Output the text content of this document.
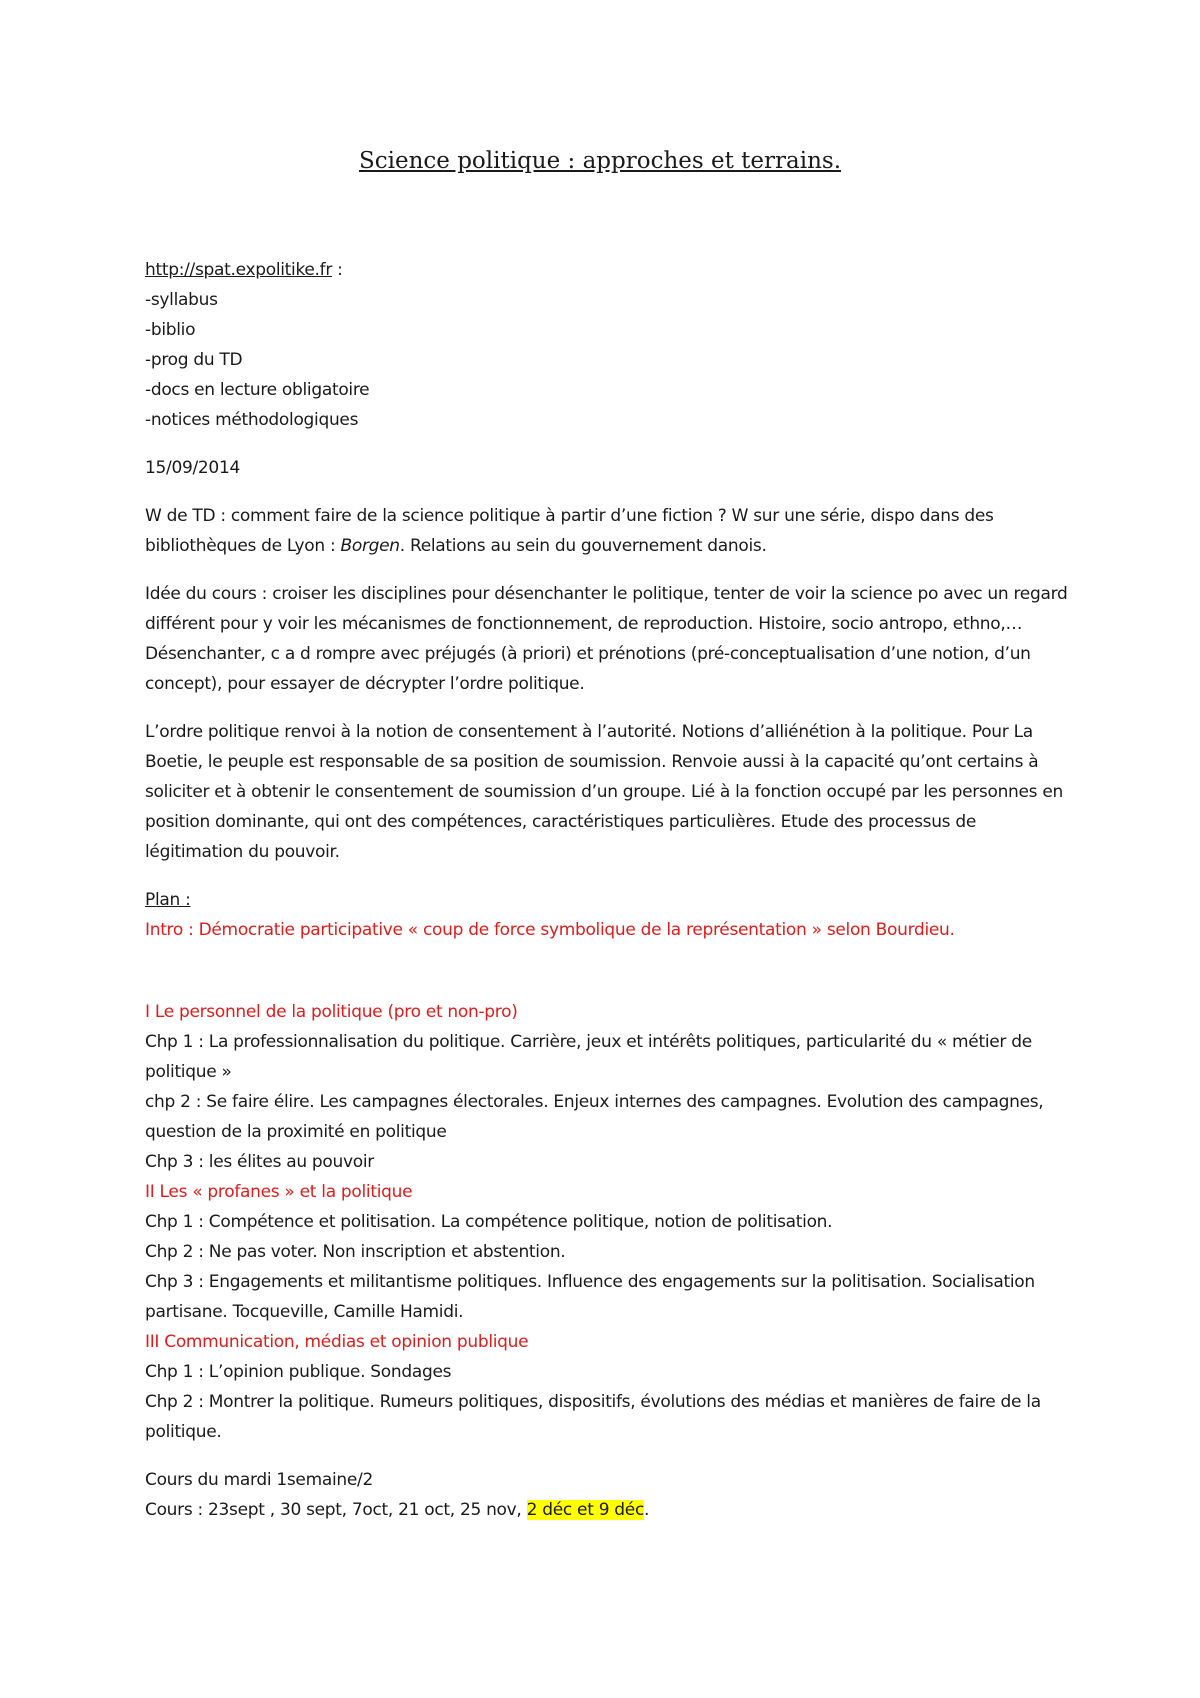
Science politique : approches et terrains.

http://spat.expolitike.fr :

-syllabus

-biblio

-prog du TD

-docs en lecture obligatoire

-notices méthodologiques

15/09/2014

W de TD : comment faire de la science politique à partir d’une fiction ? W sur une série, dispo dans des bibliothèques de Lyon : Borgen. Relations au sein du gouvernement danois.

Idée du cours : croiser les disciplines pour désenchanter le politique, tenter de voir la science po avec un regard différent pour y voir les mécanismes de fonctionnement, de reproduction. Histoire, socio antropo, ethno,…

Désenchanter, c a d rompre avec préjugés (à priori) et prénotions (pré-conceptualisation d’une notion, d’un concept), pour essayer de décrypter l’ordre politique.

L’ordre politique renvoi à la notion de consentement à l’autorité. Notions d’alliénétion à la politique. Pour La Boetie, le peuple est responsable de sa position de soumission. Renvoie aussi à la capacité qu’ont certains à soliciter et à obtenir le consentement de soumission d’un groupe. Lié à la fonction occupé par les personnes en position dominante, qui ont des compétences, caractéristiques particulières. Etude des processus de légitimation du pouvoir.

Plan :

Intro : Démocratie participative « coup de force symbolique de la représentation » selon Bourdieu.

I Le personnel de la politique (pro et non-pro)

Chp 1 : La professionnalisation du politique. Carrière, jeux et intérêts politiques, particularité du « métier de politique »

chp 2 : Se faire élire. Les campagnes électorales. Enjeux internes des campagnes. Evolution des campagnes, question de la proximité en politique

Chp 3 : les élites au pouvoir

II Les « profanes » et la politique

Chp 1 : Compétence et politisation. La compétence politique, notion de politisation.

Chp 2 : Ne pas voter. Non inscription et abstention.

Chp 3 : Engagements et militantisme politiques. Influence des engagements sur la politisation. Socialisation partisane. Tocqueville, Camille Hamidi.

III Communication, médias et opinion publique

Chp 1 : L’opinion publique. Sondages

Chp 2 : Montrer la politique. Rumeurs politiques, dispositifs, évolutions des médias et manières de faire de la politique.

Cours du mardi 1semaine/2

Cours : 23sept , 30 sept, 7oct, 21 oct, 25 nov, 2 déc et 9 déc.
